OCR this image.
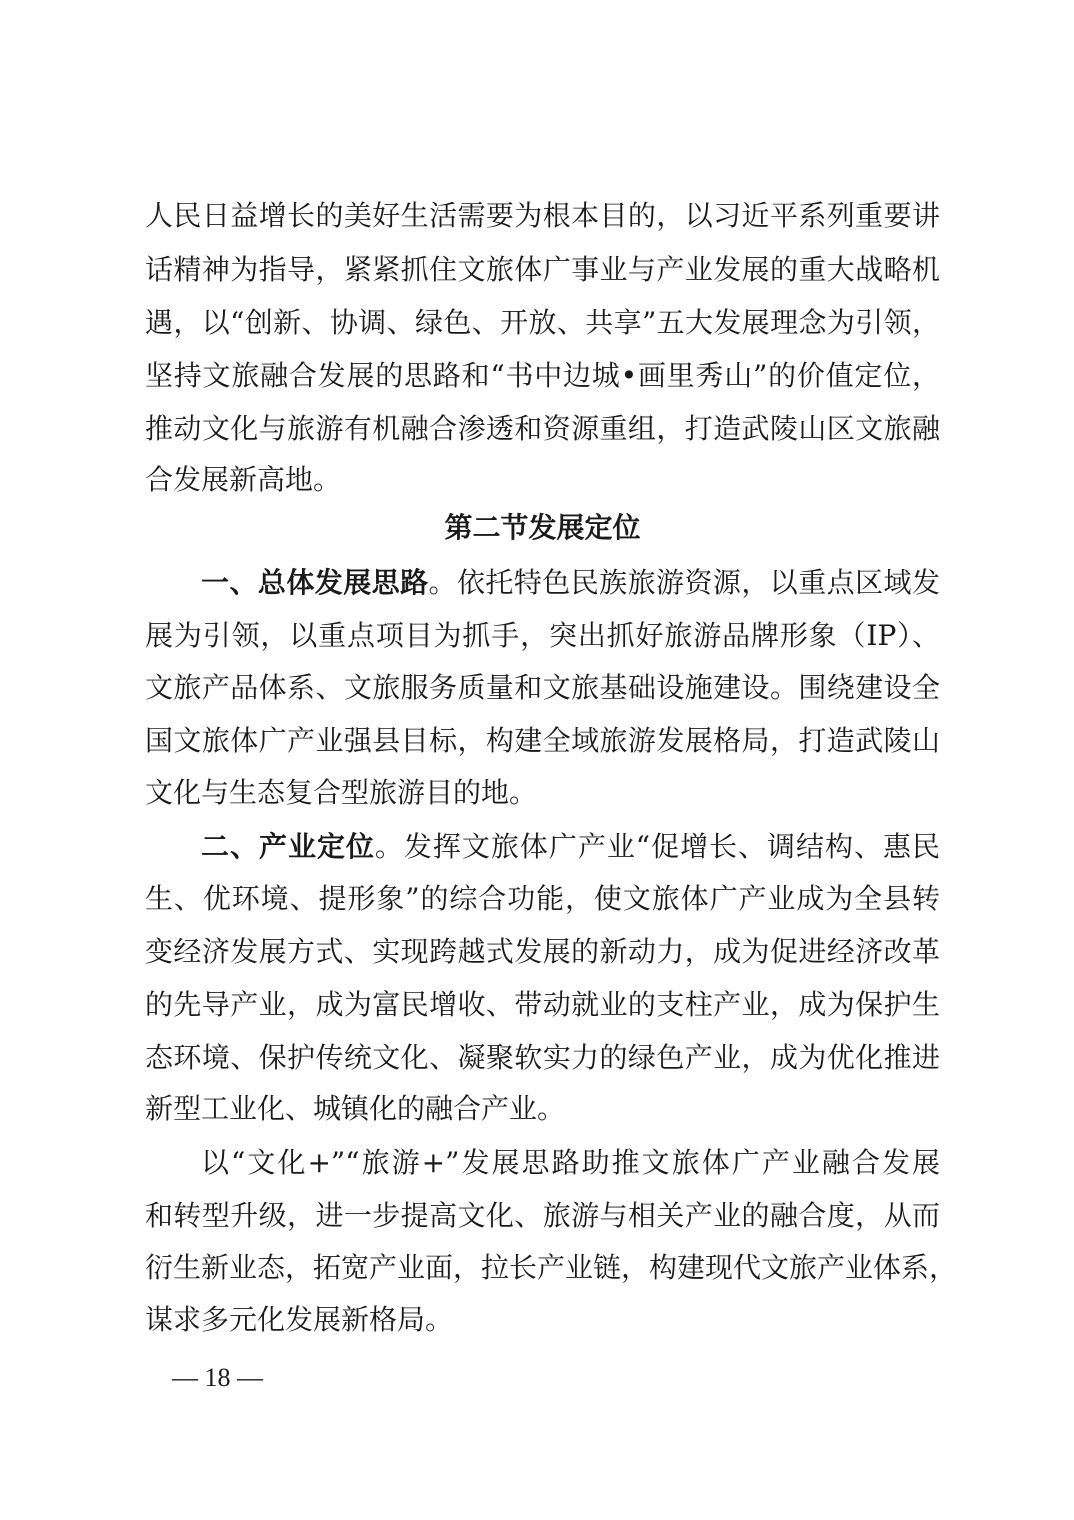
人民日益增长的美好生活需要为根本目的，以习近平系列重要讲
话精神为指导，紧紧抓住文旅体广事业与产业发展的重大战略机
遇，以“创新、协调、绿色、开放、共享”五大发展理念为引领，
坚持文旅融合发展的思路和“书中边城•画里秀山”的价值定位，
推动文化与旅游有机融合渗透和资源重组，打造武陵山区文旅融
合发展新高地。
第二节发展定位
一、总体发展思路。依托特色民族旅游资源，以重点区域发
展为引领，以重点项目为抓手，突出抓好旅游品牌形象（IP）、
文旅产品体系、文旅服务质量和文旅基础设施建设。围绕建设全
国文旅体广产业强县目标，构建全域旅游发展格局，打造武陵山
文化与生态复合型旅游目的地。
二、产业定位。发挥文旅体广产业“促增长、调结构、惠民
生、优环境、提形象”的综合功能，使文旅体广产业成为全县转
变经济发展方式、实现跨越式发展的新动力，成为促进经济改革
的先导产业，成为富民增收、带动就业的支柱产业，成为保护生
态环境、保护传统文化、凝聚软实力的绿色产业，成为优化推进
新型工业化、城镇化的融合产业。
以“文化+”“旅游+”发展思路助推文旅体广产业融合发展
和转型升级，进一步提高文化、旅游与相关产业的融合度，从而
衍生新业态，拓宽产业面，拉长产业链，构建现代文旅产业体系，
谋求多元化发展新格局。
— 18 —
